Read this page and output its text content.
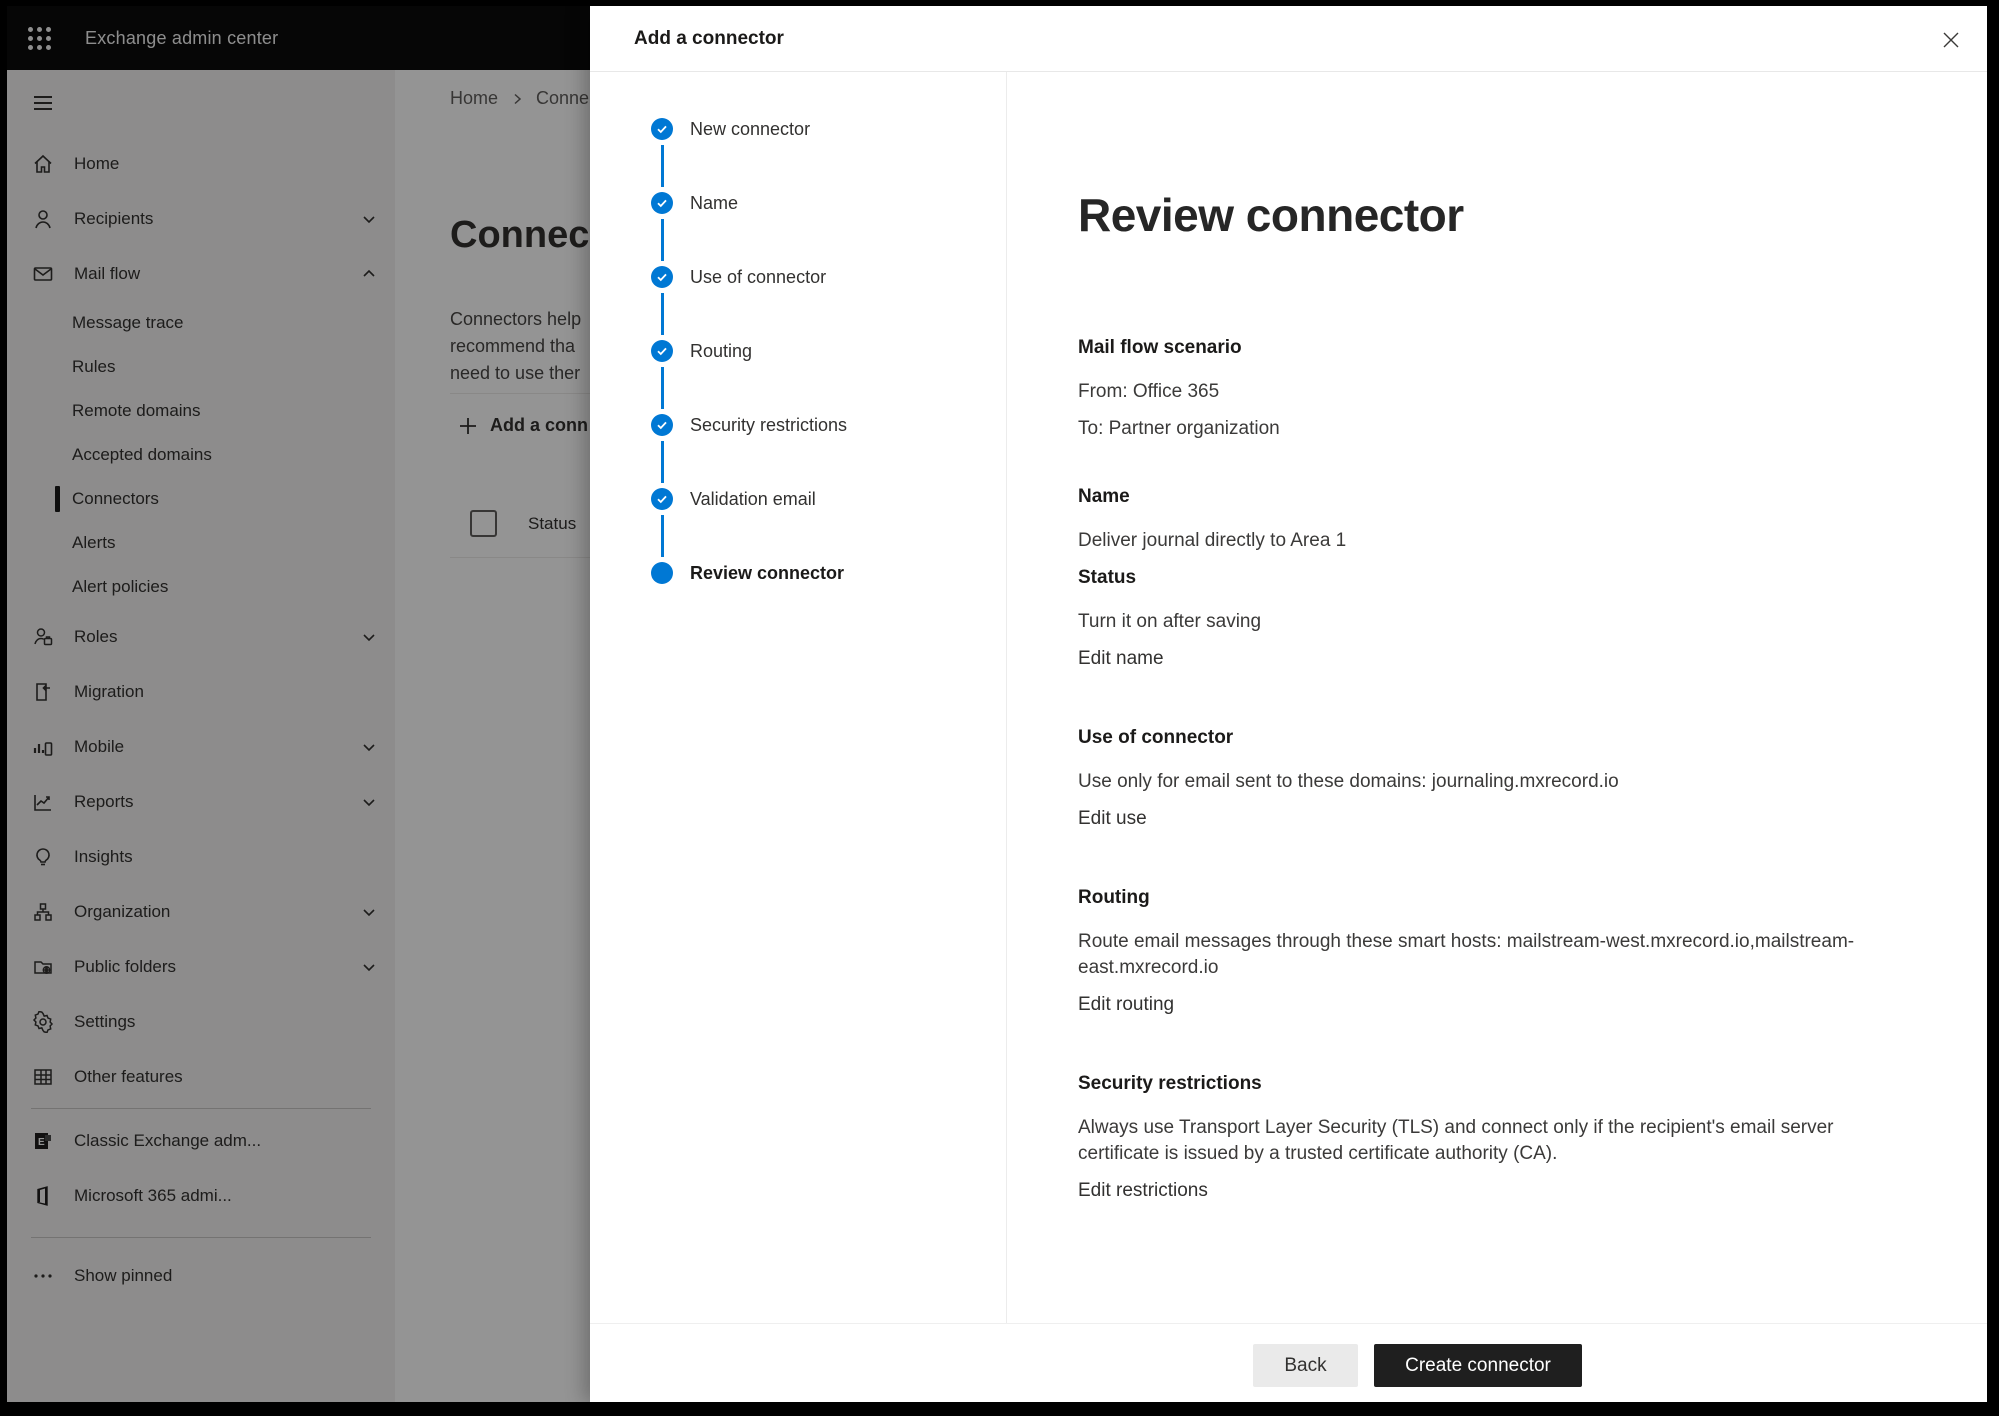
Exchange admin center
Home
Recipients
Mail flow
Message trace
Rules
Remote domains
Accepted domains
Connectors
Alerts
Alert policies
Roles
Migration
Mobile
Reports
Insights
Organization
Public folders
Settings
Other features
E Classic Exchange adm...
Microsoft 365 admi...
Show pinned
Home Conne
Connec
Connectors help
recommend tha
need to use ther
Add a conn
Status
Add a connector
New connector
Name
Use of connector
Routing
Security restrictions
Validation email
Review connector
Review connector
Mail flow scenario

From: Office 365

To: Partner organization

Name

Deliver journal directly to Area 1

Status

Turn it on after saving

Edit name

Use of connector

Use only for email sent to these domains: journaling.mxrecord.io

Edit use

Routing

Route email messages through these smart hosts: mailstream-west.mxrecord.io,mailstream-east.mxrecord.io

Edit routing

Security restrictions

Always use Transport Layer Security (TLS) and connect only if the recipient's email server certificate is issued by a trusted certificate authority (CA).

Edit restrictions

Back	Create connector
